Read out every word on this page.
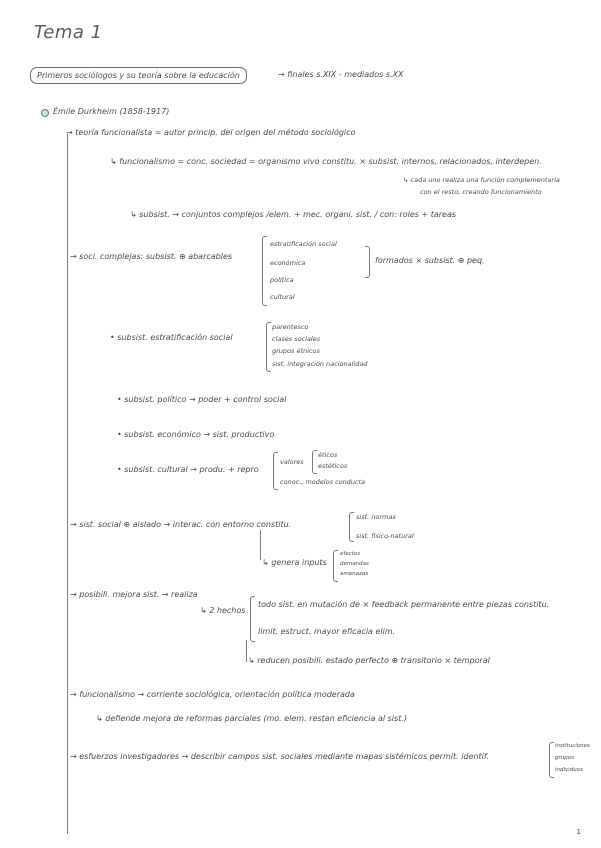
Tema 1
Primeros sociólogos y su teoría sobre la educación	→ finales s.XIX - mediados s.XX
Émile Durkheim (1858-1917)
→ teoría funcionalista = autor princip. del origen del método sociológico
↳ funcionalismo = conc. sociedad = organismo vivo constitu. × subsist. internos, relacionados, interdepen.
↳ cada uno realiza una función complementaria
con el resto, creando funcionamiento
↳ subsist. → conjuntos complejos /elem. + mec. organi. sist. / con: roles + tareas
→ soci. complejas: subsist. ⊕ abarcables
estratificación social
económica
política
cultural
formados × subsist. ⊕ peq.
• subsist. estratificación social
parentesco
clases sociales
grupos étnicos
sist. integración nacionalidad
• subsist. político → poder + control social
• subsist. económico → sist. productivo
• subsist. cultural → produ. + repro
valores
éticos
estéticos
conoc., modelos conducta
→ sist. social ⊕ aislado → interac. con entorno constitu.
sist. normas
sist. físico-natural
↳ genera inputs
efectos
demandas
amenazas
→ posibili. mejora sist. → realiza
↳ 2 hechos
todo sist. en mutación de × feedback permanente entre piezas constitu.
limit. estruct. mayor eficacia elim.
↳ reducen posibili. estado perfecto ⊕ transitorio × temporal
→ funcionalismo → corriente sociológica, orientación política moderada
↳ defiende mejora de reformas parciales (mo. elem. restan eficiencia al sist.)
→ esfuerzos investigadores → describir campos sist. sociales mediante mapas sistémicos permit. identif.
instituciones
grupos
individuos
1
